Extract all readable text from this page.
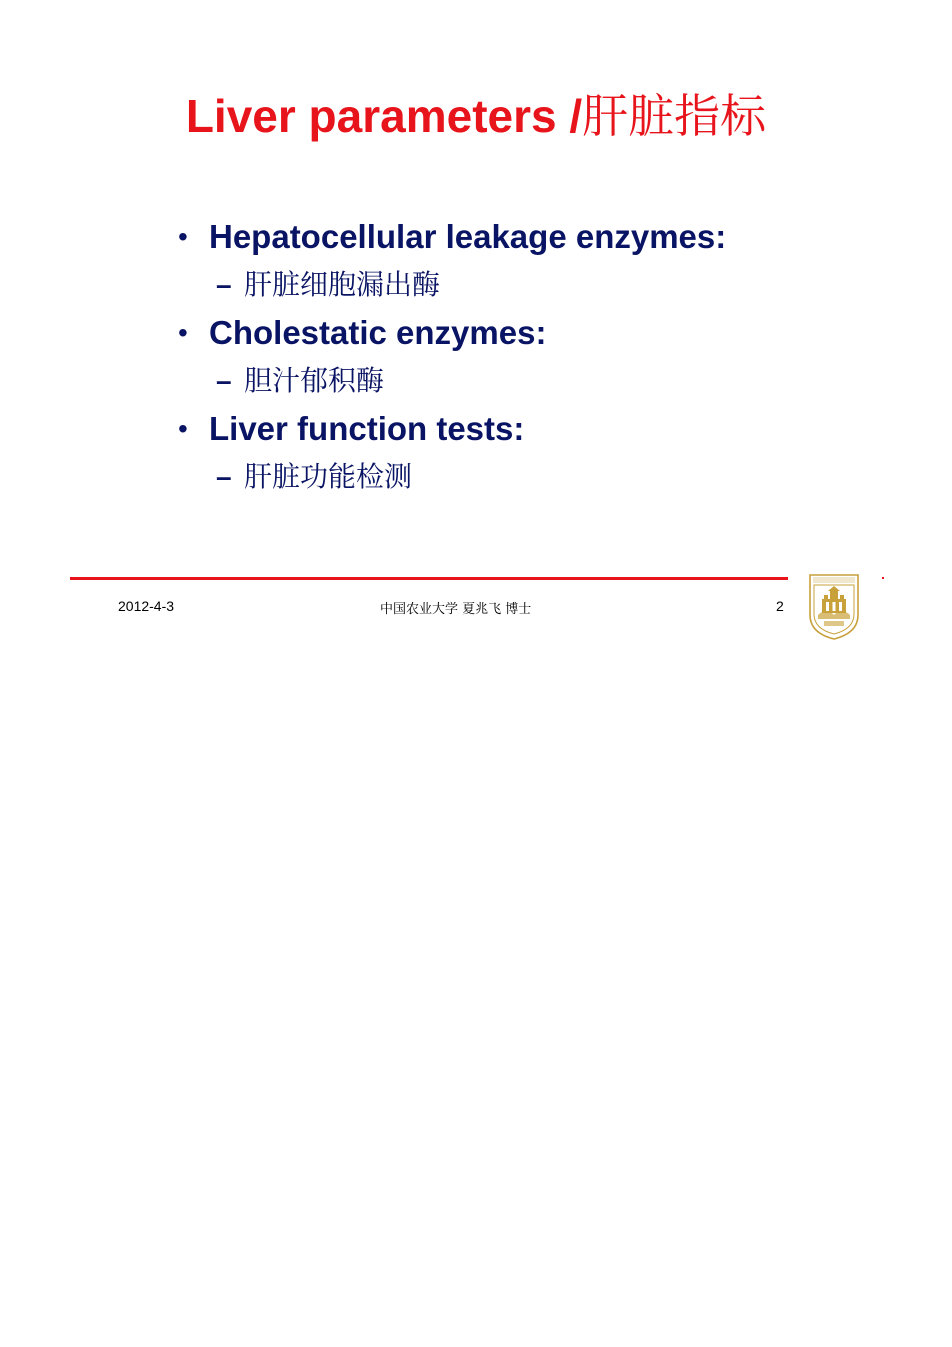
Liver parameters /肝脏指标
• Hepatocellular leakage enzymes:
– 肝脏细胞漏出酶
• Cholestatic enzymes:
– 胆汁郁积酶
• Liver function tests:
– 肝脏功能检测
2012-4-3	中国农业大学 夏兆飞 博士	2
